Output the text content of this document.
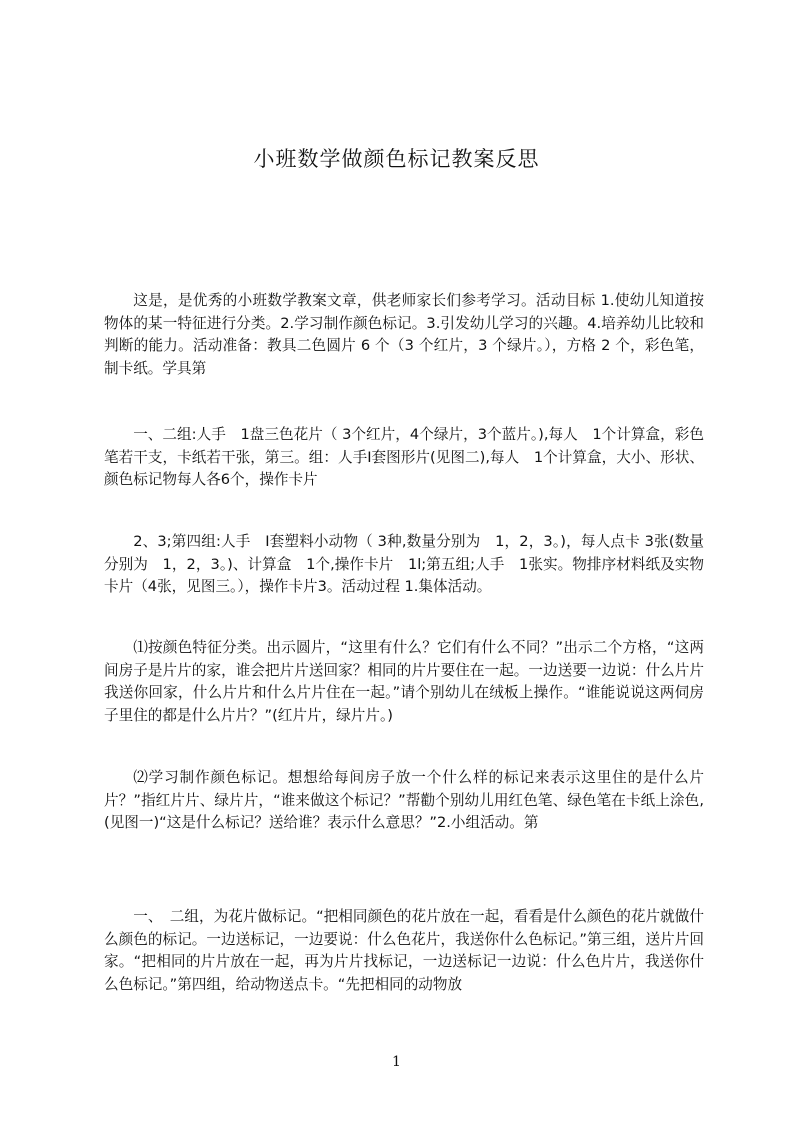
小班数学做颜色标记教案反思

这是，是优秀的小班数学教案文章，供老师家长们参考学习。活动目标 1.使幼儿知道按物体的某一特征进行分类。2.学习制作颜色标记。3.引发幼儿学习的兴趣。4.培养幼儿比较和判断的能力。活动准备：教具二色圆片 6 个（3 个红片，3 个绿片。），方格 2 个，彩色笔，制卡纸。学具第

一、二组:人手　1盘三色花片（ 3个红片，4个绿片，3个蓝片。),每人　1个计算盒，彩色笔若干支，卡纸若干张，第三。组：人手Ⅰ套图形片(见图二),每人　1个计算盒，大小、形状、颜色标记物每人各6个，操作卡片

2、3;第四组:人手　Ⅰ套塑料小动物（ 3种,数量分别为　1，2，3。)，每人点卡 3张(数量分别为　1，2，3。)、计算盒　1个,操作卡片　1l;第五组;人手　1张实。物排序材料纸及实物卡片（4张，见图三。），操作卡片3。活动过程 1.集体活动。

⑴按颜色特征分类。出示圆片，“这里有什么？它们有什么不同？”出示二个方格，“这两间房子是片片的家，谁会把片片送回家？相同的片片要住在一起。一边送要一边说：什么片片我送你回家，什么片片和什么片片住在一起。”请个别幼儿在绒板上操作。“谁能说说这两伺房子里住的都是什么片片？”(红片片，绿片片。)

⑵学习制作颜色标记。想想给每间房子放一个什么样的标记来表示这里住的是什么片片？”指红片片、绿片片，“谁来做这个标记？”帮勸个别幼儿用红色笔、绿色笔在卡纸上涂色,(见图一)“这是什么标记？送给谁？表示什么意思？”2.小组活动。第

一、　二组，为花片做标记。“把相同颜色的花片放在一起，看看是什么颜色的花片就做什么颜色的标记。一边送标记，一边要说：什么色花片，我送你什么色标记。”第三组，送片片回家。“把相同的片片放在一起，再为片片找标记，一边送标记一边说：什么色片片，我送你什么色标记。”第四组，给动物送点卡。“先把相同的动物放

1
